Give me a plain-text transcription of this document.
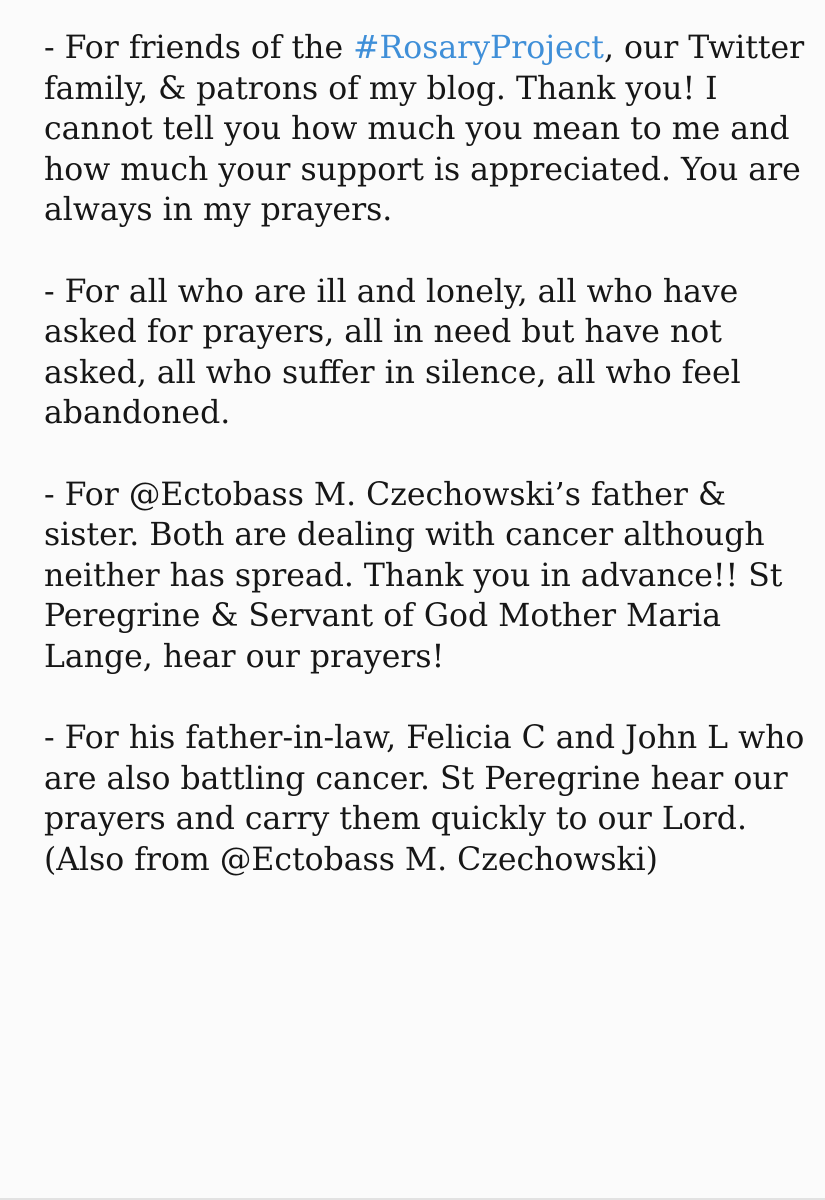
- For friends of the #RosaryProject, our Twitter family, & patrons of my blog. Thank you! I cannot tell you how much you mean to me and how much your support is appreciated. You are always in my prayers.

- For all who are ill and lonely, all who have asked for prayers, all in need but have not asked, all who suffer in silence, all who feel abandoned.

- For @Ectobass M. Czechowski’s father & sister. Both are dealing with cancer although neither has spread. Thank you in advance!! St Peregrine & Servant of God Mother Maria Lange, hear our prayers!

- For his father-in-law, Felicia C and John L who are also battling cancer. St Peregrine hear our prayers and carry them quickly to our Lord. (Also from @Ectobass M. Czechowski)
